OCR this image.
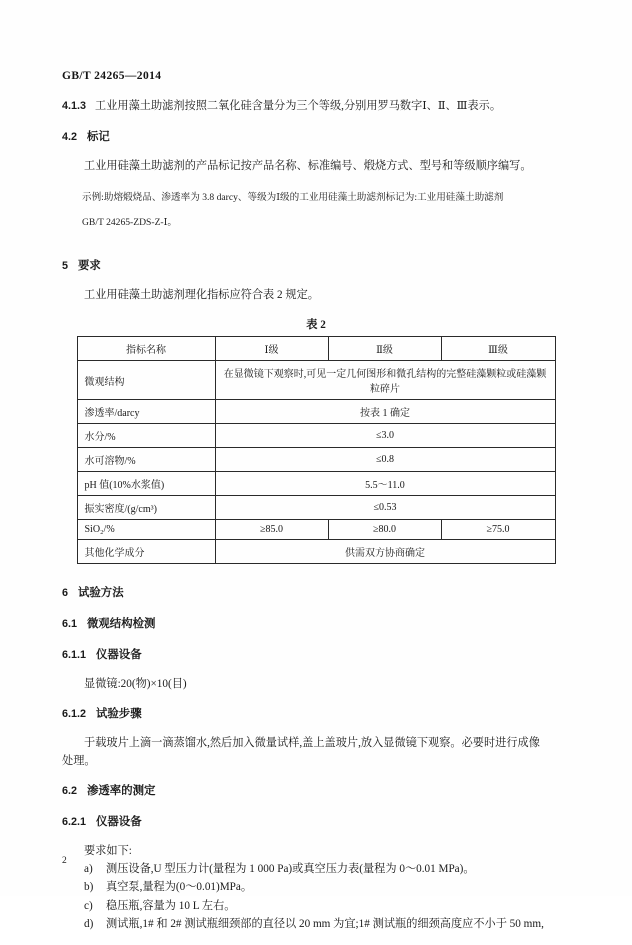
GB/T 24265—2014

4.1.3 工业用藻土助滤剂按照二氧化硅含量分为三个等级,分别用罗马数字Ⅰ、Ⅱ、Ⅲ表示。

4.2 标记

工业用硅藻土助滤剂的产品标记按产品名称、标准编号、煅烧方式、型号和等级顺序编写。

示例:助熔煅烧品、渗透率为 3.8 darcy、等级为Ⅰ级的工业用硅藻土助滤剂标记为:工业用硅藻土助滤剂

GB/T 24265-ZDS-Z-Ⅰ。

5 要求

工业用硅藻土助滤剂理化指标应符合表 2 规定。

表 2
指标名称	Ⅰ级	Ⅱ级	Ⅲ级
微观结构	在显微镜下观察时,可见一定几何图形和微孔结构的完整硅藻颗粒或硅藻颗粒碎片		
渗透率/darcy	按表 1 确定		
水分/%	≤3.0		
水可溶物/%	≤0.8		
pH 值(10%水浆值)	5.5～11.0		
振实密度/(g/cm³)	≤0.53		
SiO₂/%	≥85.0	≥80.0	≥75.0
其他化学成分	供需双方协商确定		

6 试验方法

6.1 微观结构检测

6.1.1 仪器设备

显微镜:20(物)×10(目)

6.1.2 试验步骤

于载玻片上滴一滴蒸馏水,然后加入微量试样,盖上盖玻片,放入显微镜下观察。必要时进行成像

处理。

6.2 渗透率的测定

6.2.1 仪器设备

要求如下:

a) 测压设备,U 型压力计(量程为 1 000 Pa)或真空压力表(量程为 0～0.01 MPa)。
b) 真空泵,量程为(0～0.01)MPa。
c) 稳压瓶,容量为 10 L 左右。
d) 测试瓶,1# 和 2# 测试瓶细颈部的直径以 20 mm 为宜;1# 测试瓶的细颈高度应不小于 50 mm,
2
